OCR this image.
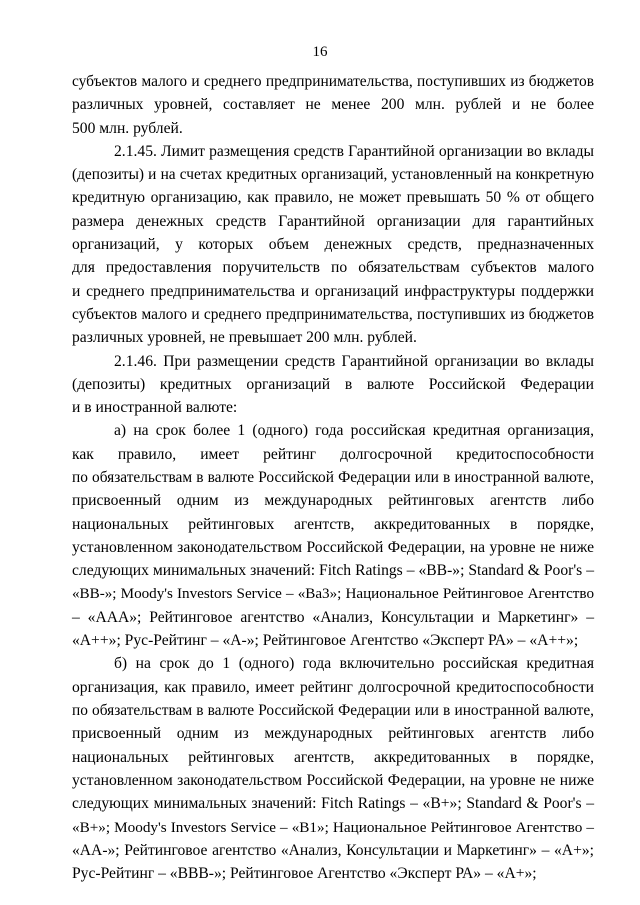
16
субъектов малого и среднего предпринимательства, поступивших из бюджетов
различных уровней, составляет не менее 200 млн. рублей и не более
500 млн. рублей.
2.1.45. Лимит размещения средств Гарантийной организации во вклады
(депозиты) и на счетах кредитных организаций, установленный на конкретную
кредитную организацию, как правило, не может превышать 50 % от общего
размера денежных средств Гарантийной организации для гарантийных
организаций, у которых объем денежных средств, предназначенных
для предоставления поручительств по обязательствам субъектов малого
и среднего предпринимательства и организаций инфраструктуры поддержки
субъектов малого и среднего предпринимательства, поступивших из бюджетов
различных уровней, не превышает 200 млн. рублей.
2.1.46. При размещении средств Гарантийной организации во вклады
(депозиты) кредитных организаций в валюте Российской Федерации
и в иностранной валюте:
а) на срок более 1 (одного) года российская кредитная организация,
как правило, имеет рейтинг долгосрочной кредитоспособности
по обязательствам в валюте Российской Федерации или в иностранной валюте,
присвоенный одним из международных рейтинговых агентств либо
национальных рейтинговых агентств, аккредитованных в порядке,
установленном законодательством Российской Федерации, на уровне не ниже
следующих минимальных значений: Fitch Ratings – «BB-»; Standard & Poor's –
«BB-»; Moody's Investors Service – «Ba3»; Национальное Рейтинговое Агентство
– «AAA»; Рейтинговое агентство «Анализ, Консультации и Маркетинг» –
«A++»; Рус-Рейтинг – «A-»; Рейтинговое Агентство «Эксперт РА» – «A++»;
б) на срок до 1 (одного) года включительно российская кредитная
организация, как правило, имеет рейтинг долгосрочной кредитоспособности
по обязательствам в валюте Российской Федерации или в иностранной валюте,
присвоенный одним из международных рейтинговых агентств либо
национальных рейтинговых агентств, аккредитованных в порядке,
установленном законодательством Российской Федерации, на уровне не ниже
следующих минимальных значений: Fitch Ratings – «B+»; Standard & Poor's –
«B+»; Moody's Investors Service – «B1»; Национальное Рейтинговое Агентство –
«AA-»; Рейтинговое агентство «Анализ, Консультации и Маркетинг» – «A+»;
Рус-Рейтинг – «BBB-»; Рейтинговое Агентство «Эксперт РА» – «A+»;
